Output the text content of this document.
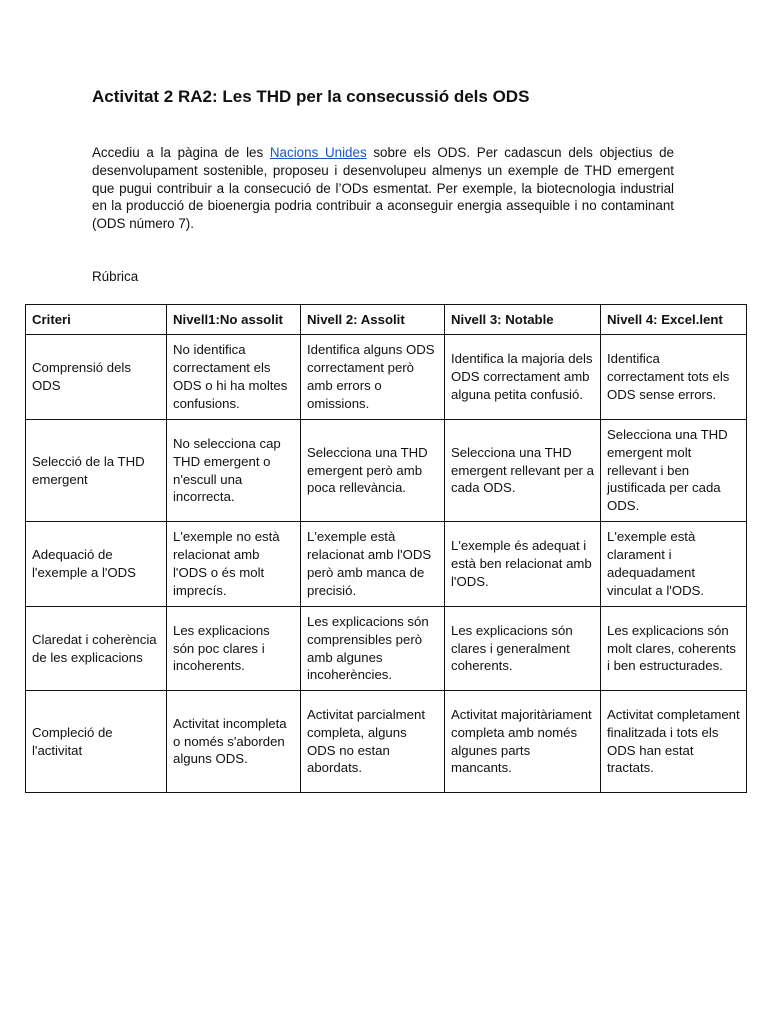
Activitat 2 RA2: Les THD per la consecussió dels ODS

Accediu a la pàgina de les Nacions Unides sobre els ODS. Per cadascun dels objectius de desenvolupament sostenible, proposeu i desenvolupeu almenys un exemple de THD emergent que pugui contribuir a la consecució de l’ODs esmentat. Per exemple, la biotecnologia industrial en la producció de bioenergia podria contribuir a aconseguir energia assequible i no contaminant (ODS número 7).

Rúbrica

Criteri	Nivell1:No assolit	Nivell 2: Assolit	Nivell 3: Notable	Nivell 4: Excel.lent
Comprensió dels ODS	No identifica correctament els ODS o hi ha moltes confusions.	Identifica alguns ODS correctament però amb errors o omissions.	Identifica la majoria dels ODS correctament amb alguna petita confusió.	Identifica correctament tots els ODS sense errors.
Selecció de la THD emergent	No selecciona cap THD emergent o n'escull una incorrecta.	Selecciona una THD emergent però amb poca rellevància.	Selecciona una THD emergent rellevant per a cada ODS.	Selecciona una THD emergent molt rellevant i ben justificada per cada ODS.
Adequació de l'exemple a l'ODS	L'exemple no està relacionat amb l'ODS o és molt imprecís.	L'exemple està relacionat amb l'ODS però amb manca de precisió.	L'exemple és adequat i està ben relacionat amb l'ODS.	L'exemple està clarament i adequadament vinculat a l'ODS.
Claredat i coherència de les explicacions	Les explicacions són poc clares i incoherents.	Les explicacions són comprensibles però amb algunes incoherències.	Les explicacions són clares i generalment coherents.	Les explicacions són molt clares, coherents i ben estructurades.
Compleció de l'activitat	Activitat incompleta o només s'aborden alguns ODS.	Activitat parcialment completa, alguns ODS no estan abordats.	Activitat majoritàriament completa amb només algunes parts mancants.	Activitat completament finalitzada i tots els ODS han estat tractats.
